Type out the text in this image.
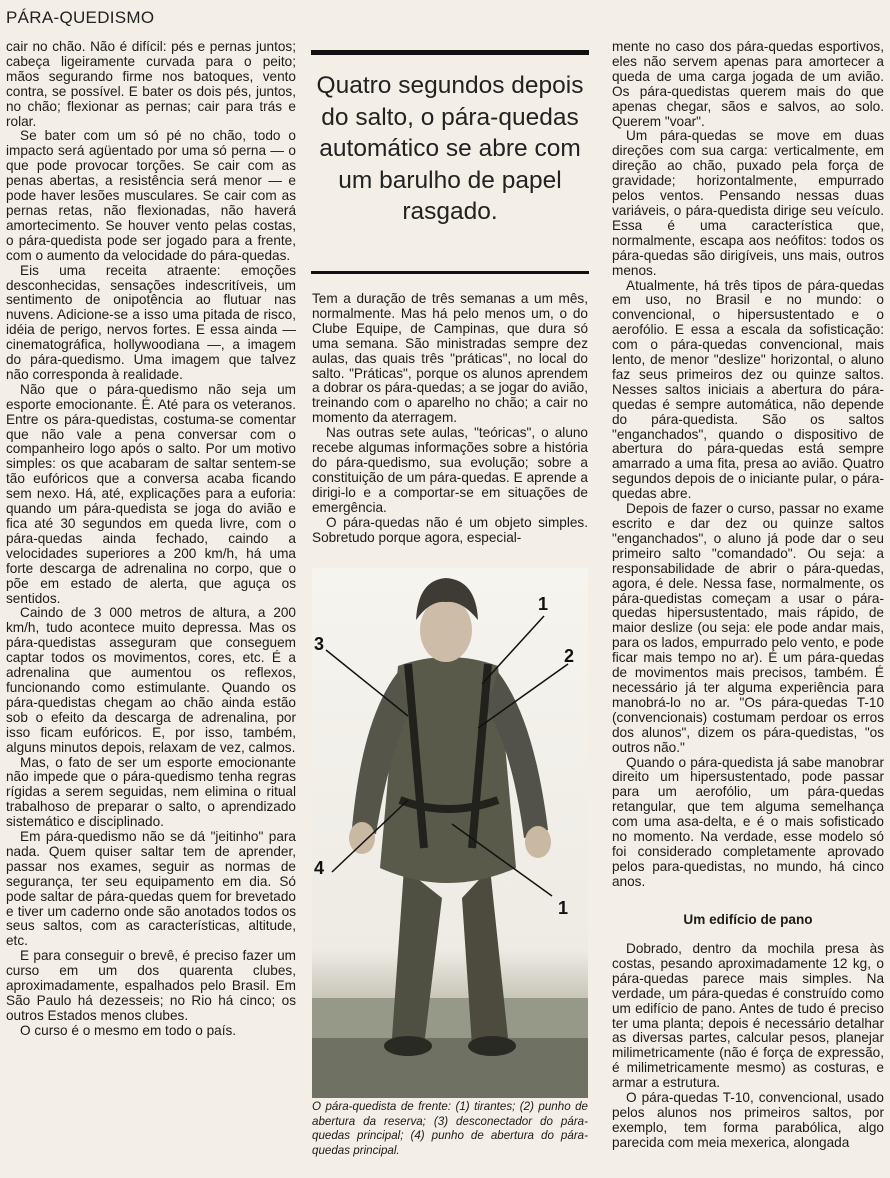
PÁRA-QUEDISMO

cair no chão. Não é difícil: pés e pernas juntos; cabeça ligeiramente curvada para o peito; mãos segurando firme nos batoques, vento contra, se possível. E bater os dois pés, juntos, no chão; flexionar as pernas; cair para trás e rolar.

Se bater com um só pé no chão, todo o impacto será agüentado por uma só perna — o que pode provocar torções. Se cair com as penas abertas, a resistência será menor — e pode haver lesões musculares. Se cair com as pernas retas, não flexionadas, não haverá amortecimento. Se houver vento pelas costas, o pára-quedista pode ser jogado para a frente, com o aumento da velocidade do pára-quedas.

Eis uma receita atraente: emoções desconhecidas, sensações indescritíveis, um sentimento de onipotência ao flutuar nas nuvens. Adicione-se a isso uma pitada de risco, idéia de perigo, nervos fortes. E essa ainda — cinematográfica, hollywoodiana —, a imagem do pára-quedismo. Uma imagem que talvez não corresponda à realidade.

Não que o pára-quedismo não seja um esporte emocionante. É. Até para os veteranos. Entre os pára-quedistas, costuma-se comentar que não vale a pena conversar com o companheiro logo após o salto. Por um motivo simples: os que acabaram de saltar sentem-se tão eufóricos que a conversa acaba ficando sem nexo. Há, até, explicações para a euforia: quando um pára-quedista se joga do avião e fica até 30 segundos em queda livre, com o pára-quedas ainda fechado, caindo a velocidades superiores a 200 km/h, há uma forte descarga de adrenalina no corpo, que o põe em estado de alerta, que aguça os sentidos.

Caindo de 3 000 metros de altura, a 200 km/h, tudo acontece muito depressa. Mas os pára-quedistas asseguram que conseguem captar todos os movimentos, cores, etc. É a adrenalina que aumentou os reflexos, funcionando como estimulante. Quando os pára-quedistas chegam ao chão ainda estão sob o efeito da descarga de adrenalina, por isso ficam eufóricos. E, por isso, também, alguns minutos depois, relaxam de vez, calmos.

Mas, o fato de ser um esporte emocionante não impede que o pára-quedismo tenha regras rígidas a serem seguidas, nem elimina o ritual trabalhoso de preparar o salto, o aprendizado sistemático e disciplinado.

Em pára-quedismo não se dá "jeitinho" para nada. Quem quiser saltar tem de aprender, passar nos exames, seguir as normas de segurança, ter seu equipamento em dia. Só pode saltar de pára-quedas quem for brevetado e tiver um caderno onde são anotados todos os seus saltos, com as características, altitude, etc.

E para conseguir o brevê, é preciso fazer um curso em um dos quarenta clubes, aproximadamente, espalhados pelo Brasil. Em São Paulo há dezesseis; no Rio há cinco; os outros Estados menos clubes.

O curso é o mesmo em todo o país.

Quatro segundos depois do salto, o pára-quedas automático se abre com um barulho de papel rasgado.

Tem a duração de três semanas a um mês, normalmente. Mas há pelo menos um, o do Clube Equipe, de Campinas, que dura só uma semana. São ministradas sempre dez aulas, das quais três "práticas", no local do salto. "Práticas", porque os alunos aprendem a dobrar os pára-quedas; a se jogar do avião, treinando com o aparelho no chão; a cair no momento da aterragem.

Nas outras sete aulas, "teóricas", o aluno recebe algumas informações sobre a história do pára-quedismo, sua evolução; sobre a constituição de um pára-quedas. E aprende a dirigi-lo e a comportar-se em situações de emergência.

O pára-quedas não é um objeto simples. Sobretudo porque agora, especial-

1
2
3
4
1
O pára-quedista de frente: (1) tirantes; (2) punho de abertura da reserva; (3) desconectador do pára-quedas principal; (4) punho de abertura do pára-quedas principal.

mente no caso dos pára-quedas esportivos, eles não servem apenas para amortecer a queda de uma carga jogada de um avião. Os pára-quedistas querem mais do que apenas chegar, sãos e salvos, ao solo. Querem "voar".

Um pára-quedas se move em duas direções com sua carga: verticalmente, em direção ao chão, puxado pela força de gravidade; horizontalmente, empurrado pelos ventos. Pensando nessas duas variáveis, o pára-quedista dirige seu veículo. Essa é uma característica que, normalmente, escapa aos neófitos: todos os pára-quedas são dirigíveis, uns mais, outros menos.

Atualmente, há três tipos de pára-quedas em uso, no Brasil e no mundo: o convencional, o hipersustentado e o aerofólio. E essa a escala da sofisticação: com o pára-quedas convencional, mais lento, de menor "deslize" horizontal, o aluno faz seus primeiros dez ou quinze saltos. Nesses saltos iniciais a abertura do pára-quedas é sempre automática, não depende do pára-quedista. São os saltos "enganchados", quando o dispositivo de abertura do pára-quedas está sempre amarrado a uma fita, presa ao avião. Quatro segundos depois de o iniciante pular, o pára-quedas abre.

Depois de fazer o curso, passar no exame escrito e dar dez ou quinze saltos "enganchados", o aluno já pode dar o seu primeiro salto "comandado". Ou seja: a responsabilidade de abrir o pára-quedas, agora, é dele. Nessa fase, normalmente, os pára-quedistas começam a usar o pára-quedas hipersustentado, mais rápido, de maior deslize (ou seja: ele pode andar mais, para os lados, empurrado pelo vento, e pode ficar mais tempo no ar). É um pára-quedas de movimentos mais precisos, também. É necessário já ter alguma experiência para manobrá-lo no ar. "Os pára-quedas T-10 (convencionais) costumam perdoar os erros dos alunos", dizem os pára-quedistas, "os outros não."

Quando o pára-quedista já sabe manobrar direito um hipersustentado, pode passar para um aerofólio, um pára-quedas retangular, que tem alguma semelhança com uma asa-delta, e é o mais sofisticado no momento. Na verdade, esse modelo só foi considerado completamente aprovado pelos para-quedistas, no mundo, há cinco anos.

Um edifício de pano

Dobrado, dentro da mochila presa às costas, pesando aproximadamente 12 kg, o pára-quedas parece mais simples. Na verdade, um pára-quedas é construído como um edifício de pano. Antes de tudo é preciso ter uma planta; depois é necessário detalhar as diversas partes, calcular pesos, planejar milimetricamente (não é força de expressão, é milimetricamente mesmo) as costuras, e armar a estrutura.

O pára-quedas T-10, convencional, usado pelos alunos nos primeiros saltos, por exemplo, tem forma parabólica, algo parecida com meia mexerica, alongada
